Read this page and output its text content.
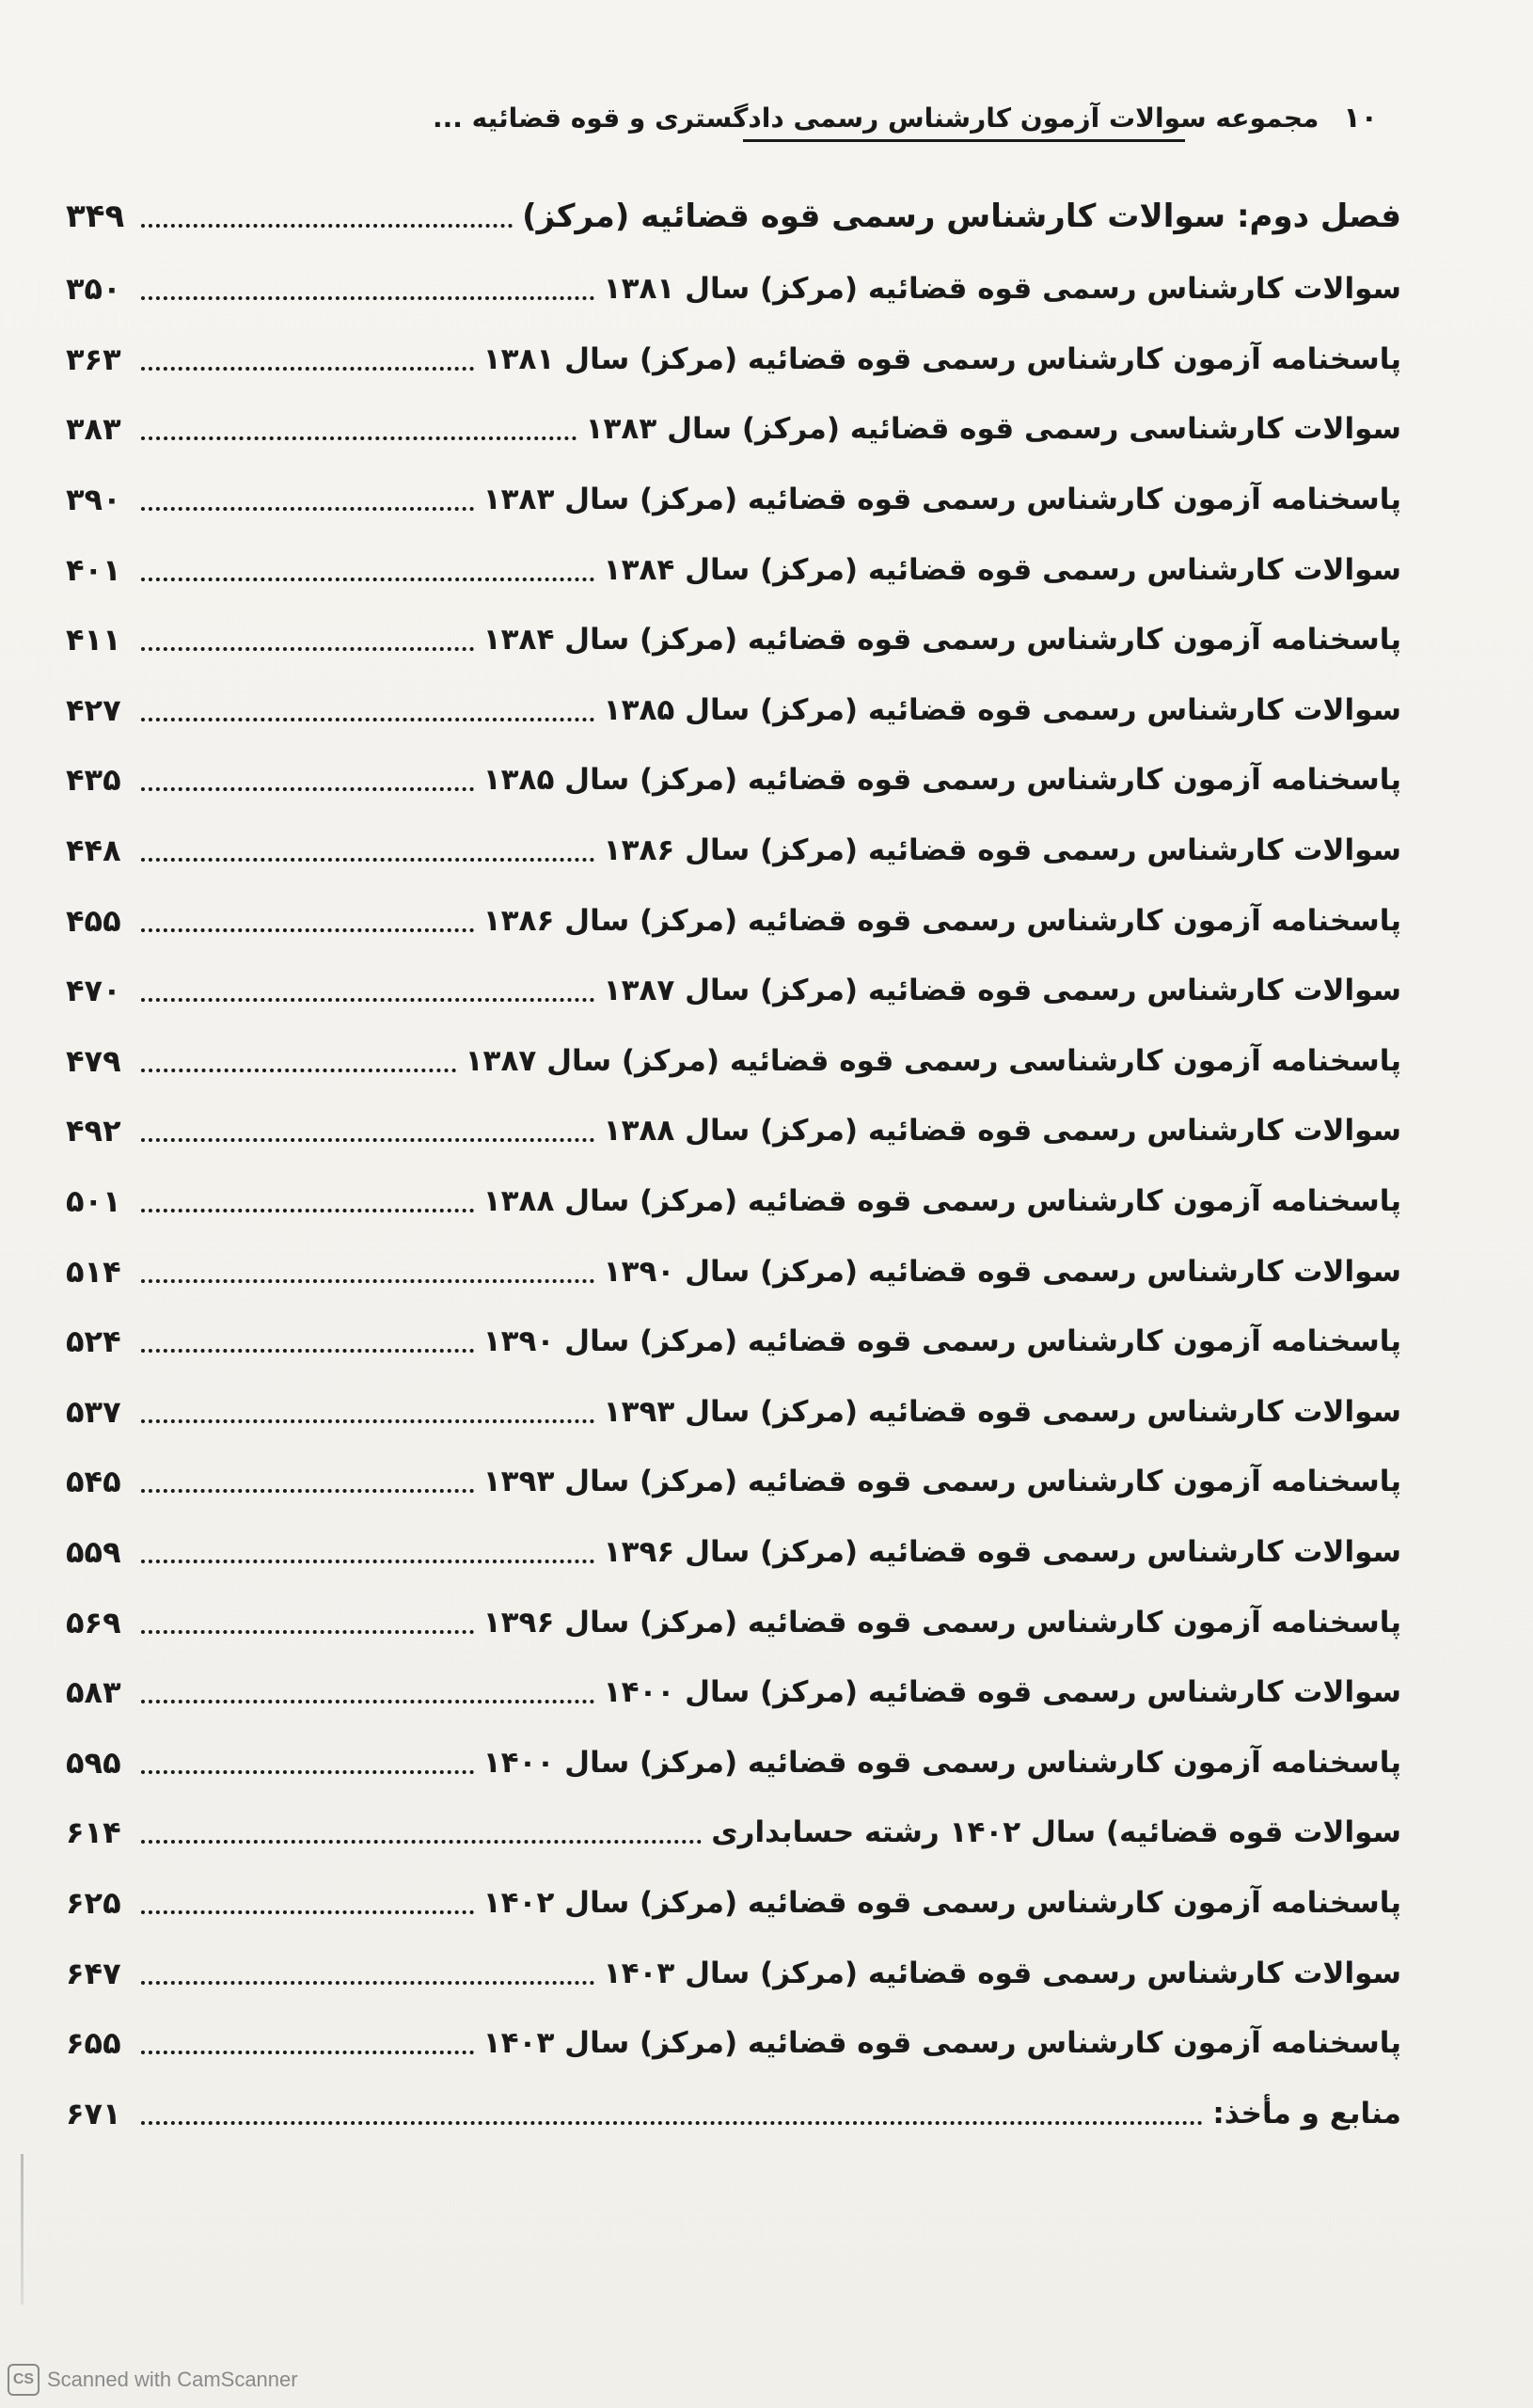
۱۰
مجموعه سوالات آزمون کارشناس رسمی دادگستری و قوه قضائیه ...
فصل دوم: سوالات کارشناس رسمی قوه قضائیه (مرکز)
۳۴۹
سوالات کارشناس رسمی قوه قضائیه (مرکز) سال ۱۳۸۱
۳۵۰
پاسخنامه آزمون کارشناس رسمی قوه قضائیه (مرکز) سال ۱۳۸۱
۳۶۳
سوالات کارشناسی رسمی قوه قضائیه (مرکز) سال ۱۳۸۳
۳۸۳
پاسخنامه آزمون کارشناس رسمی قوه قضائیه (مرکز) سال ۱۳۸۳
۳۹۰
سوالات کارشناس رسمی قوه قضائیه (مرکز) سال ۱۳۸۴
۴۰۱
پاسخنامه آزمون کارشناس رسمی قوه قضائیه (مرکز) سال ۱۳۸۴
۴۱۱
سوالات کارشناس رسمی قوه قضائیه (مرکز) سال ۱۳۸۵
۴۲۷
پاسخنامه آزمون کارشناس رسمی قوه قضائیه (مرکز) سال ۱۳۸۵
۴۳۵
سوالات کارشناس رسمی قوه قضائیه (مرکز) سال ۱۳۸۶
۴۴۸
پاسخنامه آزمون کارشناس رسمی قوه قضائیه (مرکز) سال ۱۳۸۶
۴۵۵
سوالات کارشناس رسمی قوه قضائیه (مرکز) سال ۱۳۸۷
۴۷۰
پاسخنامه آزمون کارشناسی رسمی قوه قضائیه (مرکز) سال ۱۳۸۷
۴۷۹
سوالات کارشناس رسمی قوه قضائیه (مرکز) سال ۱۳۸۸
۴۹۲
پاسخنامه آزمون کارشناس رسمی قوه قضائیه (مرکز) سال ۱۳۸۸
۵۰۱
سوالات کارشناس رسمی قوه قضائیه (مرکز) سال ۱۳۹۰
۵۱۴
پاسخنامه آزمون کارشناس رسمی قوه قضائیه (مرکز) سال ۱۳۹۰
۵۲۴
سوالات کارشناس رسمی قوه قضائیه (مرکز) سال ۱۳۹۳
۵۳۷
پاسخنامه آزمون کارشناس رسمی قوه قضائیه (مرکز) سال ۱۳۹۳
۵۴۵
سوالات کارشناس رسمی قوه قضائیه (مرکز) سال ۱۳۹۶
۵۵۹
پاسخنامه آزمون کارشناس رسمی قوه قضائیه (مرکز) سال ۱۳۹۶
۵۶۹
سوالات کارشناس رسمی قوه قضائیه (مرکز) سال ۱۴۰۰
۵۸۳
پاسخنامه آزمون کارشناس رسمی قوه قضائیه (مرکز) سال ۱۴۰۰
۵۹۵
سوالات قوه قضائیه) سال ۱۴۰۲ رشته حسابداری
۶۱۴
پاسخنامه آزمون کارشناس رسمی قوه قضائیه (مرکز) سال ۱۴۰۲
۶۲۵
سوالات کارشناس رسمی قوه قضائیه (مرکز) سال ۱۴۰۳
۶۴۷
پاسخنامه آزمون کارشناس رسمی قوه قضائیه (مرکز) سال ۱۴۰۳
۶۵۵
منابع و مأخذ:
۶۷۱
CS Scanned with CamScanner
